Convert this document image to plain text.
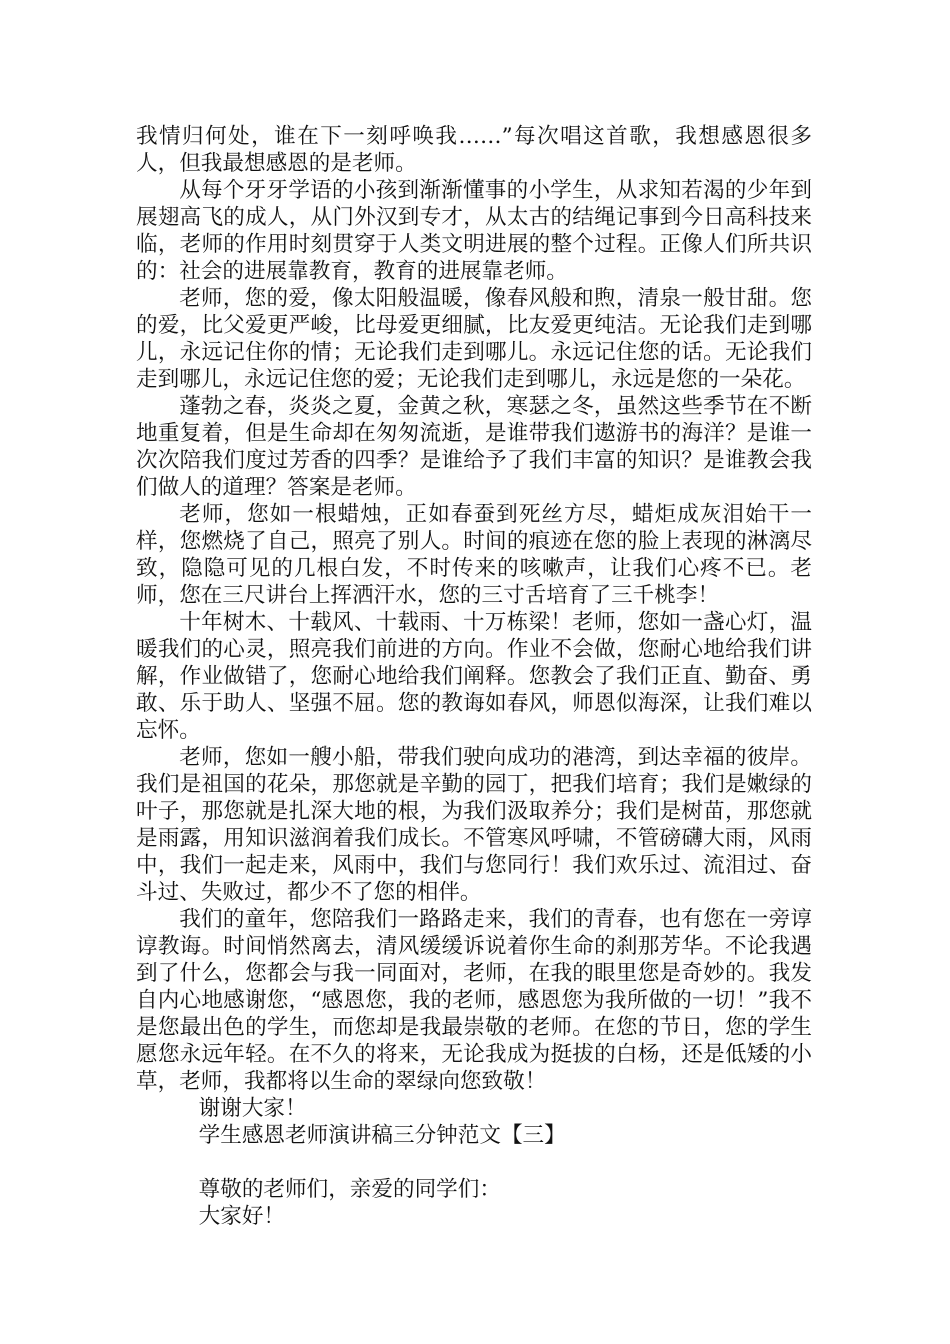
我情归何处，谁在下一刻呼唤我……”每次唱这首歌，我想感恩很多人，但我最想感恩的是老师。

从每个牙牙学语的小孩到渐渐懂事的小学生，从求知若渴的少年到展翅高飞的成人，从门外汉到专才，从太古的结绳记事到今日高科技来临，老师的作用时刻贯穿于人类文明进展的整个过程。正像人们所共识的：社会的进展靠教育，教育的进展靠老师。

老师，您的爱，像太阳般温暖，像春风般和煦，清泉一般甘甜。您的爱，比父爱更严峻，比母爱更细腻，比友爱更纯洁。无论我们走到哪儿，永远记住你的情；无论我们走到哪儿。永远记住您的话。无论我们走到哪儿，永远记住您的爱；无论我们走到哪儿，永远是您的一朵花。

蓬勃之春，炎炎之夏，金黄之秋，寒瑟之冬，虽然这些季节在不断地重复着，但是生命却在匆匆流逝，是谁带我们遨游书的海洋？是谁一次次陪我们度过芳香的四季？是谁给予了我们丰富的知识？是谁教会我们做人的道理？答案是老师。

老师，您如一根蜡烛，正如春蚕到死丝方尽，蜡炬成灰泪始干一样，您燃烧了自己，照亮了别人。时间的痕迹在您的脸上表现的淋漓尽致，隐隐可见的几根白发，不时传来的咳嗽声，让我们心疼不已。老师，您在三尺讲台上挥洒汗水，您的三寸舌培育了三千桃李！

十年树木、十载风、十载雨、十万栋梁！老师，您如一盏心灯，温暖我们的心灵，照亮我们前进的方向。作业不会做，您耐心地给我们讲解，作业做错了，您耐心地给我们阐释。您教会了我们正直、勤奋、勇敢、乐于助人、坚强不屈。您的教诲如春风，师恩似海深，让我们难以忘怀。

老师，您如一艘小船，带我们驶向成功的港湾，到达幸福的彼岸。我们是祖国的花朵，那您就是辛勤的园丁，把我们培育；我们是嫩绿的叶子，那您就是扎深大地的根，为我们汲取养分；我们是树苗，那您就是雨露，用知识滋润着我们成长。不管寒风呼啸，不管磅礴大雨，风雨中，我们一起走来，风雨中，我们与您同行！我们欢乐过、流泪过、奋斗过、失败过，都少不了您的相伴。

我们的童年，您陪我们一路路走来，我们的青春，也有您在一旁谆谆教诲。时间悄然离去，清风缓缓诉说着你生命的刹那芳华。不论我遇到了什么，您都会与我一同面对，老师，在我的眼里您是奇妙的。我发自内心地感谢您，“感恩您，我的老师，感恩您为我所做的一切！”我不是您最出色的学生，而您却是我最崇敬的老师。在您的节日，您的学生愿您永远年轻。在不久的将来，无论我成为挺拔的白杨，还是低矮的小草，老师，我都将以生命的翠绿向您致敬！

谢谢大家！

学生感恩老师演讲稿三分钟范文【三】

尊敬的老师们，亲爱的同学们：

大家好！
